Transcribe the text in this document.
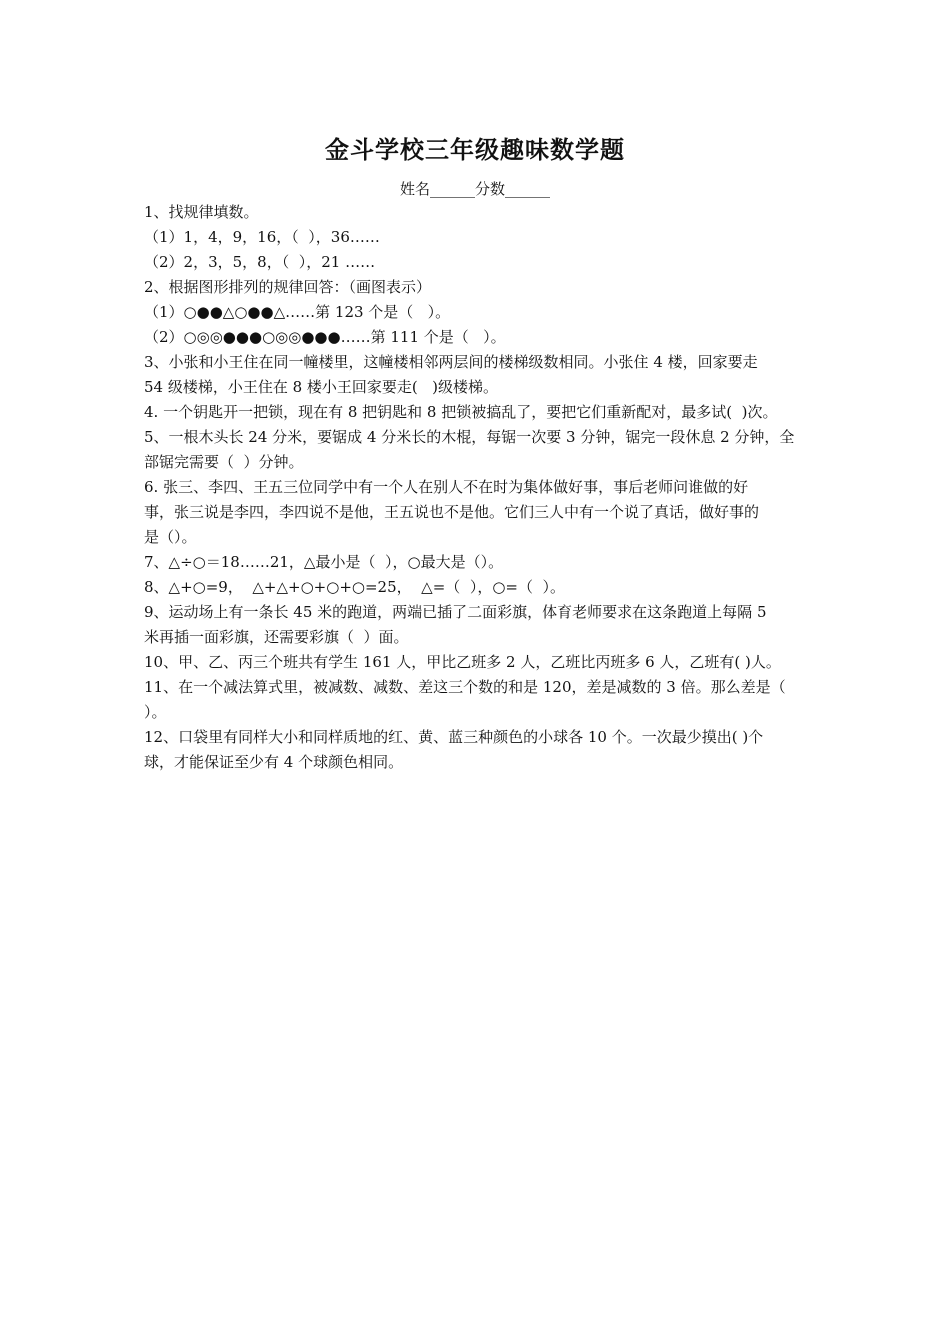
金斗学校三年级趣味数学题
姓名______分数______
1、找规律填数。
（1）1，4，9，16，（  ），36……
（2）2，3，5，8，（  ），21 ……
2、根据图形排列的规律回答：（画图表示）
（1）○●●△○●●△……第 123 个是（   ）。
（2）○◎◎●●●○◎◎●●●……第 111 个是（   ）。
3、小张和小王住在同一幢楼里，这幢楼相邻两层间的楼梯级数相同。小张住 4 楼，回家要走
54 级楼梯，小王住在 8 楼小王回家要走(   )级楼梯。
4. 一个钥匙开一把锁，现在有 8 把钥匙和 8 把锁被搞乱了，要把它们重新配对，最多试(  )次。
5、一根木头长 24 分米，要锯成 4 分米长的木棍，每锯一次要 3 分钟，锯完一段休息 2 分钟，全
部锯完需要（  ）分钟。
6. 张三、李四、王五三位同学中有一个人在别人不在时为集体做好事，事后老师问谁做的好
事，张三说是李四，李四说不是他，王五说也不是他。它们三人中有一个说了真话，做好事的
是（）。
7、△÷○＝18……21，△最小是（  ），○最大是（）。
8、△+○=9，  △+△+○+○+○=25，  △=（  ），○=（  ）。
9、运动场上有一条长 45 米的跑道，两端已插了二面彩旗，体育老师要求在这条跑道上每隔 5
米再插一面彩旗，还需要彩旗（  ）面。
10、甲、乙、丙三个班共有学生 161 人，甲比乙班多 2 人，乙班比丙班多 6 人，乙班有( )人。
11、在一个减法算式里，被减数、减数、差这三个数的和是 120，差是减数的 3 倍。那么差是（
）。
12、口袋里有同样大小和同样质地的红、黄、蓝三种颜色的小球各 10 个。一次最少摸出( )个
球，才能保证至少有 4 个球颜色相同。
